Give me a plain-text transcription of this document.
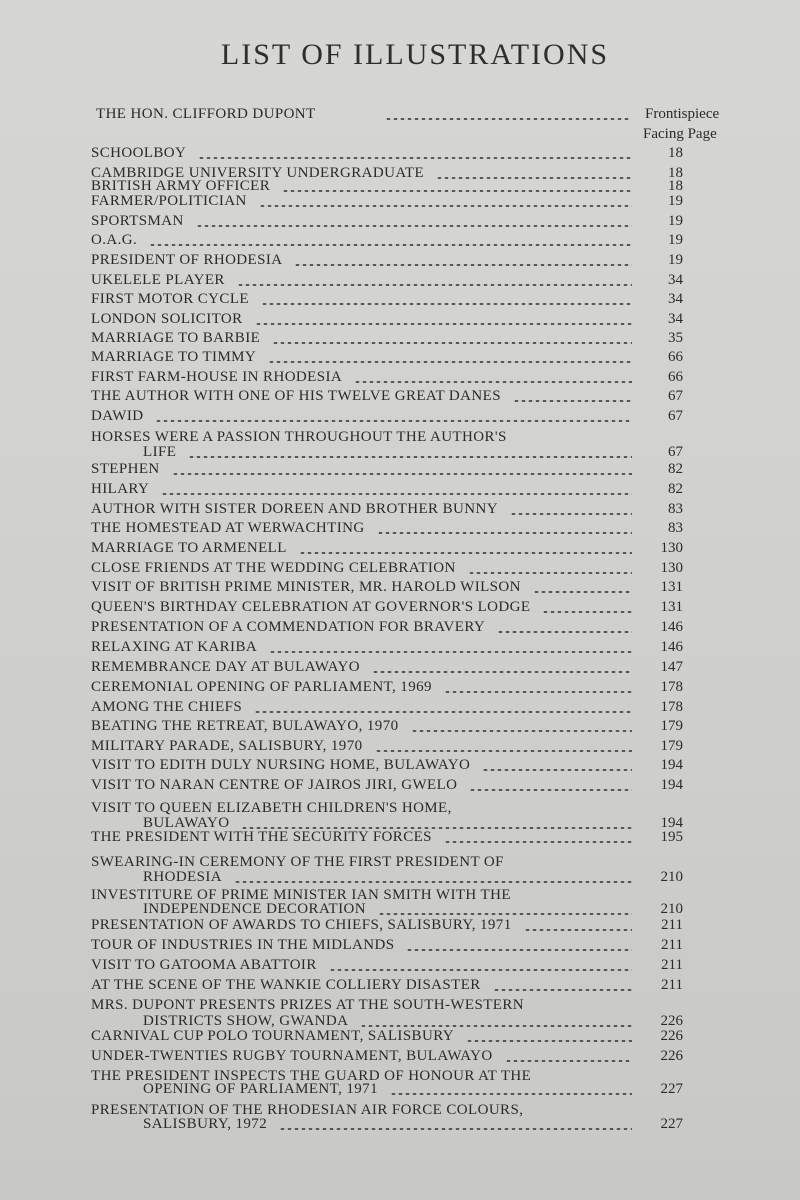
LIST OF ILLUSTRATIONS
THE HON. CLIFFORD DUPONT	Frontispiece
Facing Page
SCHOOLBOY	18
CAMBRIDGE UNIVERSITY UNDERGRADUATE	18
BRITISH ARMY OFFICER	18
FARMER/POLITICIAN	19
SPORTSMAN	19
O.A.G.	19
PRESIDENT OF RHODESIA	19
UKELELE PLAYER	34
FIRST MOTOR CYCLE	34
LONDON SOLICITOR	34
MARRIAGE TO BARBIE	35
MARRIAGE TO TIMMY	66
FIRST FARM-HOUSE IN RHODESIA	66
THE AUTHOR WITH ONE OF HIS TWELVE GREAT DANES	67
DAWID	67
HORSES WERE A PASSION THROUGHOUT THE AUTHOR'S
LIFE	67
STEPHEN	82
HILARY	82
AUTHOR WITH SISTER DOREEN AND BROTHER BUNNY	83
THE HOMESTEAD AT WERWACHTING	83
MARRIAGE TO ARMENELL	130
CLOSE FRIENDS AT THE WEDDING CELEBRATION	130
VISIT OF BRITISH PRIME MINISTER, MR. HAROLD WILSON	131
QUEEN'S BIRTHDAY CELEBRATION AT GOVERNOR'S LODGE	131
PRESENTATION OF A COMMENDATION FOR BRAVERY	146
RELAXING AT KARIBA	146
REMEMBRANCE DAY AT BULAWAYO	147
CEREMONIAL OPENING OF PARLIAMENT, 1969	178
AMONG THE CHIEFS	178
BEATING THE RETREAT, BULAWAYO, 1970	179
MILITARY PARADE, SALISBURY, 1970	179
VISIT TO EDITH DULY NURSING HOME, BULAWAYO	194
VISIT TO NARAN CENTRE OF JAIROS JIRI, GWELO	194
VISIT TO QUEEN ELIZABETH CHILDREN'S HOME,
BULAWAYO	194
THE PRESIDENT WITH THE SECURITY FORCES	195
SWEARING-IN CEREMONY OF THE FIRST PRESIDENT OF
RHODESIA	210
INVESTITURE OF PRIME MINISTER IAN SMITH WITH THE
INDEPENDENCE DECORATION	210
PRESENTATION OF AWARDS TO CHIEFS, SALISBURY, 1971	211
TOUR OF INDUSTRIES IN THE MIDLANDS	211
VISIT TO GATOOMA ABATTOIR	211
AT THE SCENE OF THE WANKIE COLLIERY DISASTER	211
MRS. DUPONT PRESENTS PRIZES AT THE SOUTH-WESTERN
DISTRICTS SHOW, GWANDA	226
CARNIVAL CUP POLO TOURNAMENT, SALISBURY	226
UNDER-TWENTIES RUGBY TOURNAMENT, BULAWAYO	226
THE PRESIDENT INSPECTS THE GUARD OF HONOUR AT THE
OPENING OF PARLIAMENT, 1971	227
PRESENTATION OF THE RHODESIAN AIR FORCE COLOURS,
SALISBURY, 1972	227
